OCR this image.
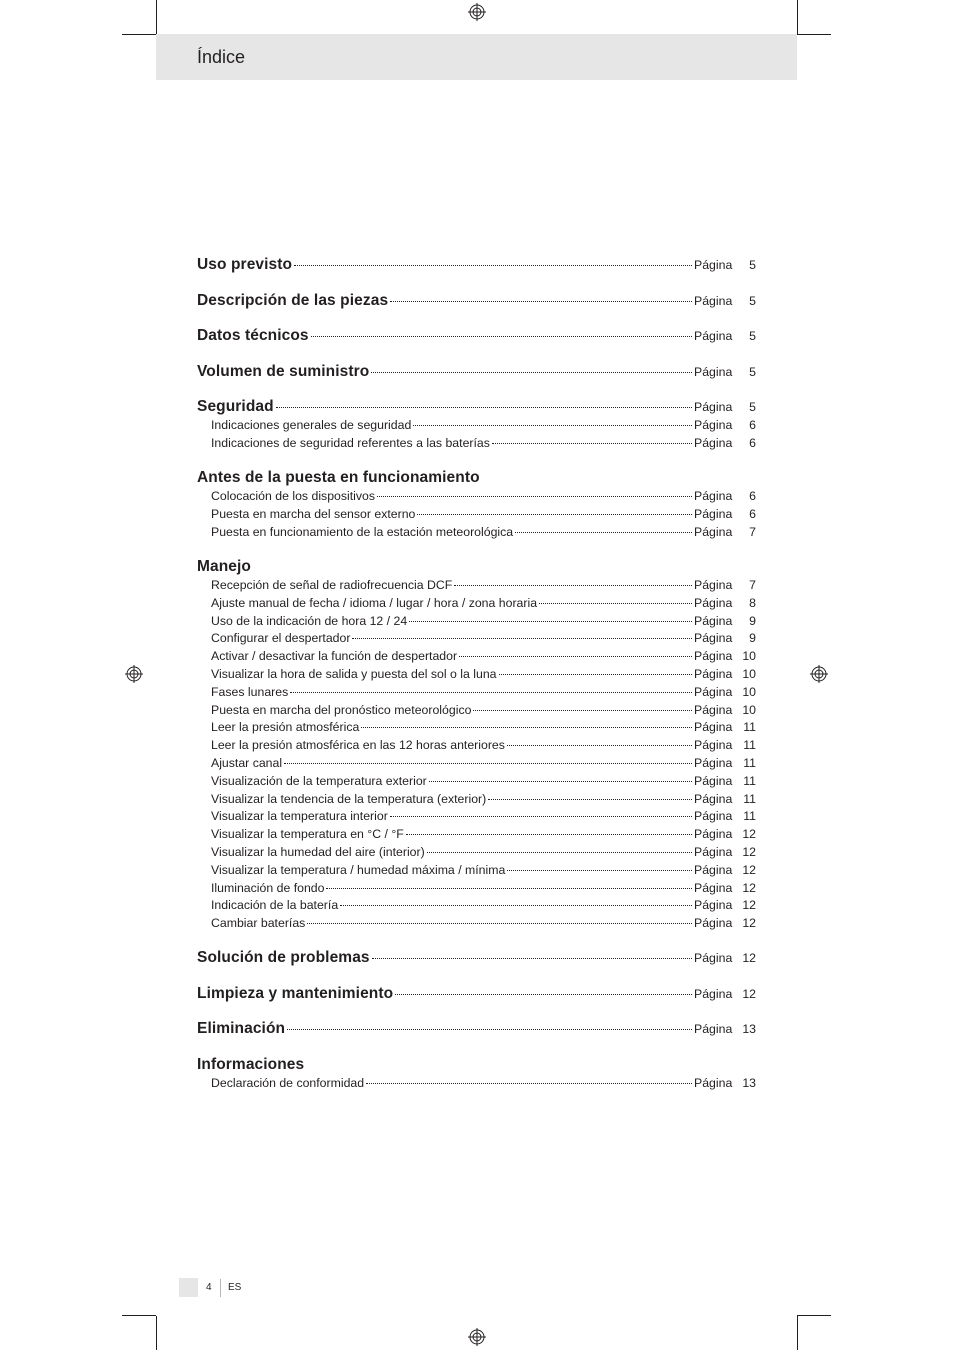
Índice
Uso previsto	Página	5
Descripción de las piezas	Página	5
Datos técnicos	Página	5
Volumen de suministro	Página	5
Seguridad	Página	5
Indicaciones generales de seguridad	Página	6
Indicaciones de seguridad referentes a las baterías	Página	6
Antes de la puesta en funcionamiento
Colocación de los dispositivos	Página	6
Puesta en marcha del sensor externo	Página	6
Puesta en funcionamiento de la estación meteorológica	Página	7
Manejo
Recepción de señal de radiofrecuencia DCF	Página	7
Ajuste manual de fecha / idioma / lugar / hora / zona horaria	Página	8
Uso de la indicación de hora 12 / 24	Página	9
Configurar el despertador	Página	9
Activar / desactivar la función de despertador	Página 10
Visualizar la hora de salida y puesta del sol o la luna	Página 10
Fases lunares	Página 10
Puesta en marcha del pronóstico meteorológico	Página 10
Leer la presión atmosférica	Página 11
Leer la presión atmosférica en las 12 horas anteriores	Página 11
Ajustar canal	Página 11
Visualización de la temperatura exterior	Página 11
Visualizar la tendencia de la temperatura (exterior)	Página 11
Visualizar la temperatura interior	Página 11
Visualizar la temperatura en °C / °F	Página 12
Visualizar la humedad del aire (interior)	Página 12
Visualizar la temperatura / humedad máxima / mínima	Página 12
Iluminación de fondo	Página 12
Indicación de la batería	Página 12
Cambiar baterías	Página 12
Solución de problemas	Página 12
Limpieza y mantenimiento	Página 12
Eliminación	Página 13
Informaciones
Declaración de conformidad	Página 13
4 ES
